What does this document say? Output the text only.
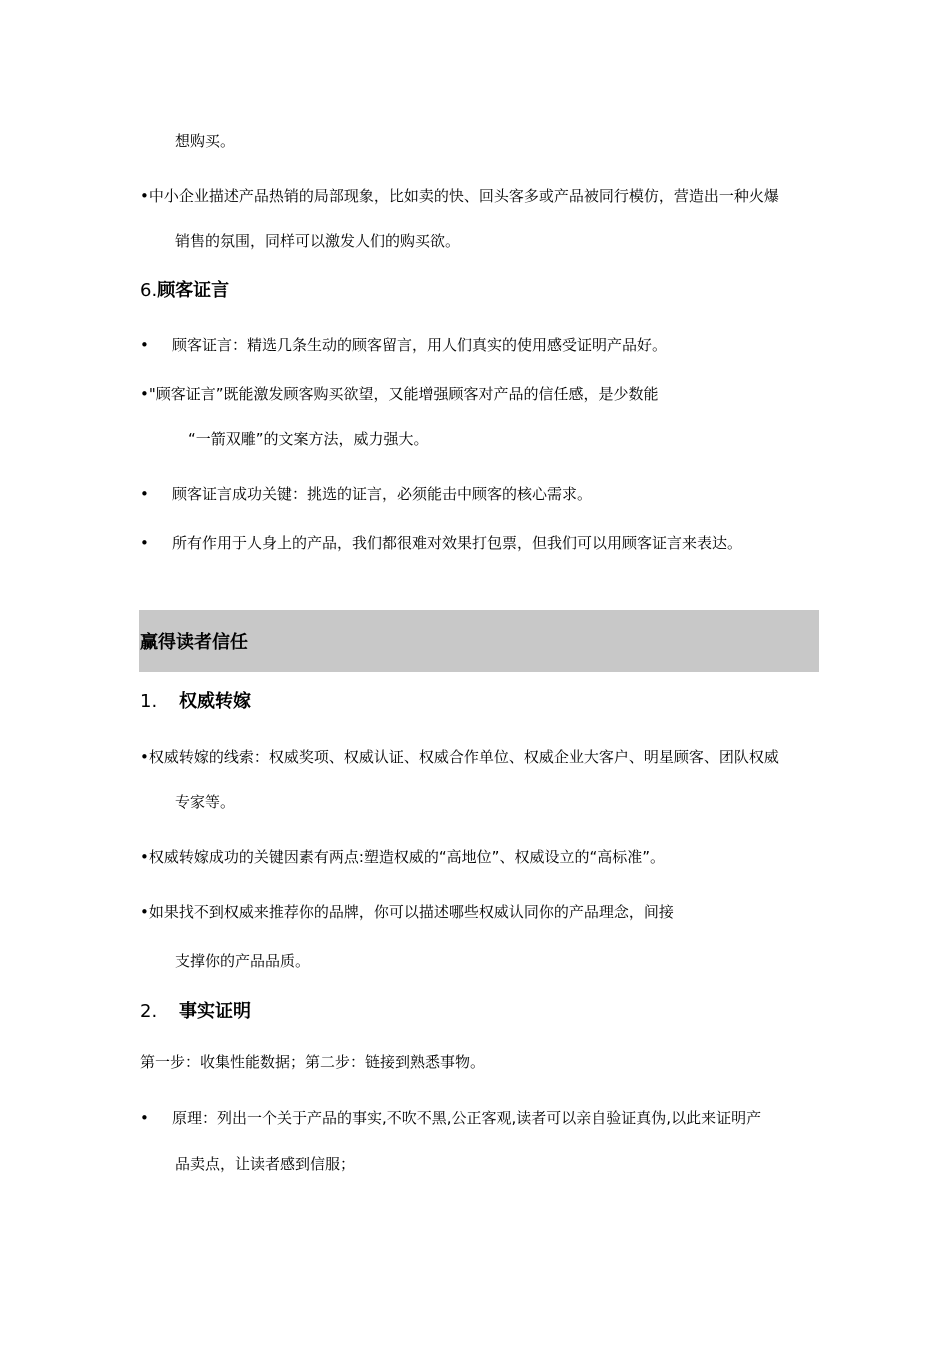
想购买。
•中小企业描述产品热销的局部现象，比如卖的快、回头客多或产品被同行模仿，营造出一种火爆
销售的氛围，同样可以激发人们的购买欲。
6.顾客证言
• 顾客证言：精选几条生动的顾客留言，用人们真实的使用感受证明产品好。
•"顾客证言”既能激发顾客购买欲望，又能增强顾客对产品的信任感，是少数能
“一箭双雕”的文案方法，威力强大。
• 顾客证言成功关键：挑选的证言，必须能击中顾客的核心需求。
• 所有作用于人身上的产品，我们都很难对效果打包票，但我们可以用顾客证言来表达。
赢得读者信任
1. 权威转嫁
•权威转嫁的线索：权威奖项、权威认证、权威合作单位、权威企业大客户、明星顾客、团队权威
专家等。
•权威转嫁成功的关键因素有两点:塑造权威的“高地位”、权威设立的“高标准”。
•如果找不到权威来推荐你的品牌，你可以描述哪些权威认同你的产品理念，间接
支撑你的产品品质。
2. 事实证明
第一步：收集性能数据；第二步：链接到熟悉事物。
• 原理：列出一个关于产品的事实,不吹不黑,公正客观,读者可以亲自验证真伪,以此来证明产
品卖点，让读者感到信服；
